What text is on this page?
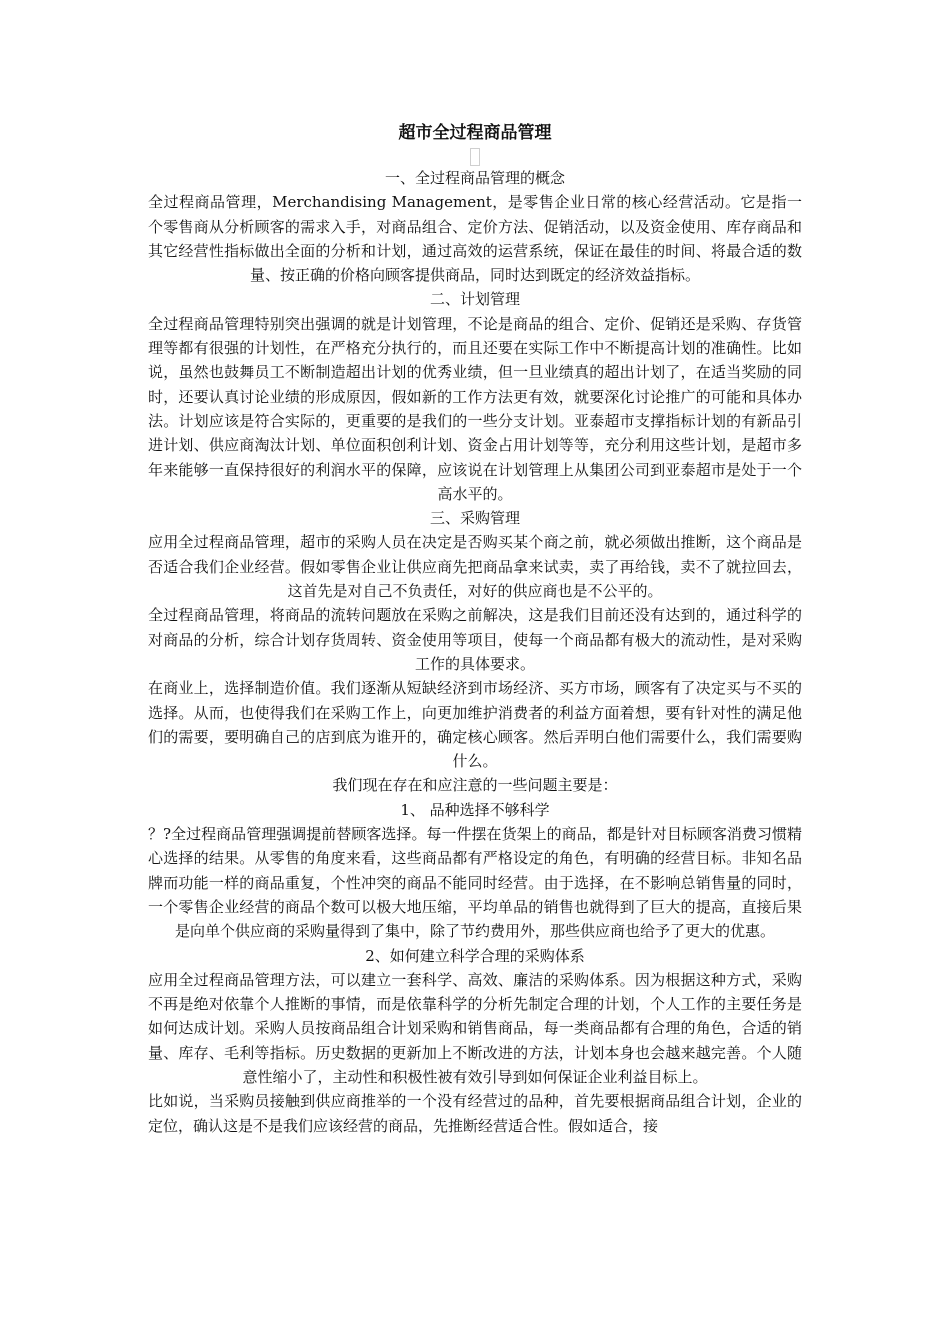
超市全过程商品管理

一、全过程商品管理的概念

全过程商品管理，Merchandising Management，是零售企业日常的核心经营活动。它是指一个零售商从分析顾客的需求入手，对商品组合、定价方法、促销活动，以及资金使用、库存商品和其它经营性指标做出全面的分析和计划，通过高效的运营系统，保证在最佳的时间、将最合适的数量、按正确的价格向顾客提供商品，同时达到既定的经济效益指标。

二、计划管理

全过程商品管理特别突出强调的就是计划管理，不论是商品的组合、定价、促销还是采购、存货管理等都有很强的计划性，在严格充分执行的，而且还要在实际工作中不断提高计划的准确性。比如说，虽然也鼓舞员工不断制造超出计划的优秀业绩，但一旦业绩真的超出计划了，在适当奖励的同时，还要认真讨论业绩的形成原因，假如新的工作方法更有效，就要深化讨论推广的可能和具体办法。计划应该是符合实际的，更重要的是我们的一些分支计划。亚泰超市支撑指标计划的有新品引进计划、供应商淘汰计划、单位面积创利计划、资金占用计划等等，充分利用这些计划，是超市多年来能够一直保持很好的利润水平的保障，应该说在计划管理上从集团公司到亚泰超市是处于一个高水平的。

三、采购管理

应用全过程商品管理，超市的采购人员在决定是否购买某个商之前，就必须做出推断，这个商品是否适合我们企业经营。假如零售企业让供应商先把商品拿来试卖，卖了再给钱，卖不了就拉回去，这首先是对自己不负责任，对好的供应商也是不公平的。

全过程商品管理，将商品的流转问题放在采购之前解决，这是我们目前还没有达到的，通过科学的对商品的分析，综合计划存货周转、资金使用等项目，使每一个商品都有极大的流动性，是对采购工作的具体要求。

在商业上，选择制造价值。我们逐渐从短缺经济到市场经济、买方市场，顾客有了决定买与不买的选择。从而，也使得我们在采购工作上，向更加维护消费者的利益方面着想，要有针对性的满足他们的需要，要明确自己的店到底为谁开的，确定核心顾客。然后弄明白他们需要什么，我们需要购什么。

我们现在存在和应注意的一些问题主要是：

1、 品种选择不够科学

？?全过程商品管理强调提前替顾客选择。每一件摆在货架上的商品，都是针对目标顾客消费习惯精心选择的结果。从零售的角度来看，这些商品都有严格设定的角色，有明确的经营目标。非知名品牌而功能一样的商品重复，个性冲突的商品不能同时经营。由于选择，在不影响总销售量的同时，一个零售企业经营的商品个数可以极大地压缩，平均单品的销售也就得到了巨大的提高，直接后果是向单个供应商的采购量得到了集中，除了节约费用外，那些供应商也给予了更大的优惠。

2、如何建立科学合理的采购体系

应用全过程商品管理方法，可以建立一套科学、高效、廉洁的采购体系。因为根据这种方式，采购不再是绝对依靠个人推断的事情，而是依靠科学的分析先制定合理的计划，个人工作的主要任务是如何达成计划。采购人员按商品组合计划采购和销售商品，每一类商品都有合理的角色，合适的销量、库存、毛利等指标。历史数据的更新加上不断改进的方法，计划本身也会越来越完善。个人随意性缩小了，主动性和积极性被有效引导到如何保证企业利益目标上。

比如说，当采购员接触到供应商推举的一个没有经营过的品种，首先要根据商品组合计划，企业的定位，确认这是不是我们应该经营的商品，先推断经营适合性。假如适合，接
